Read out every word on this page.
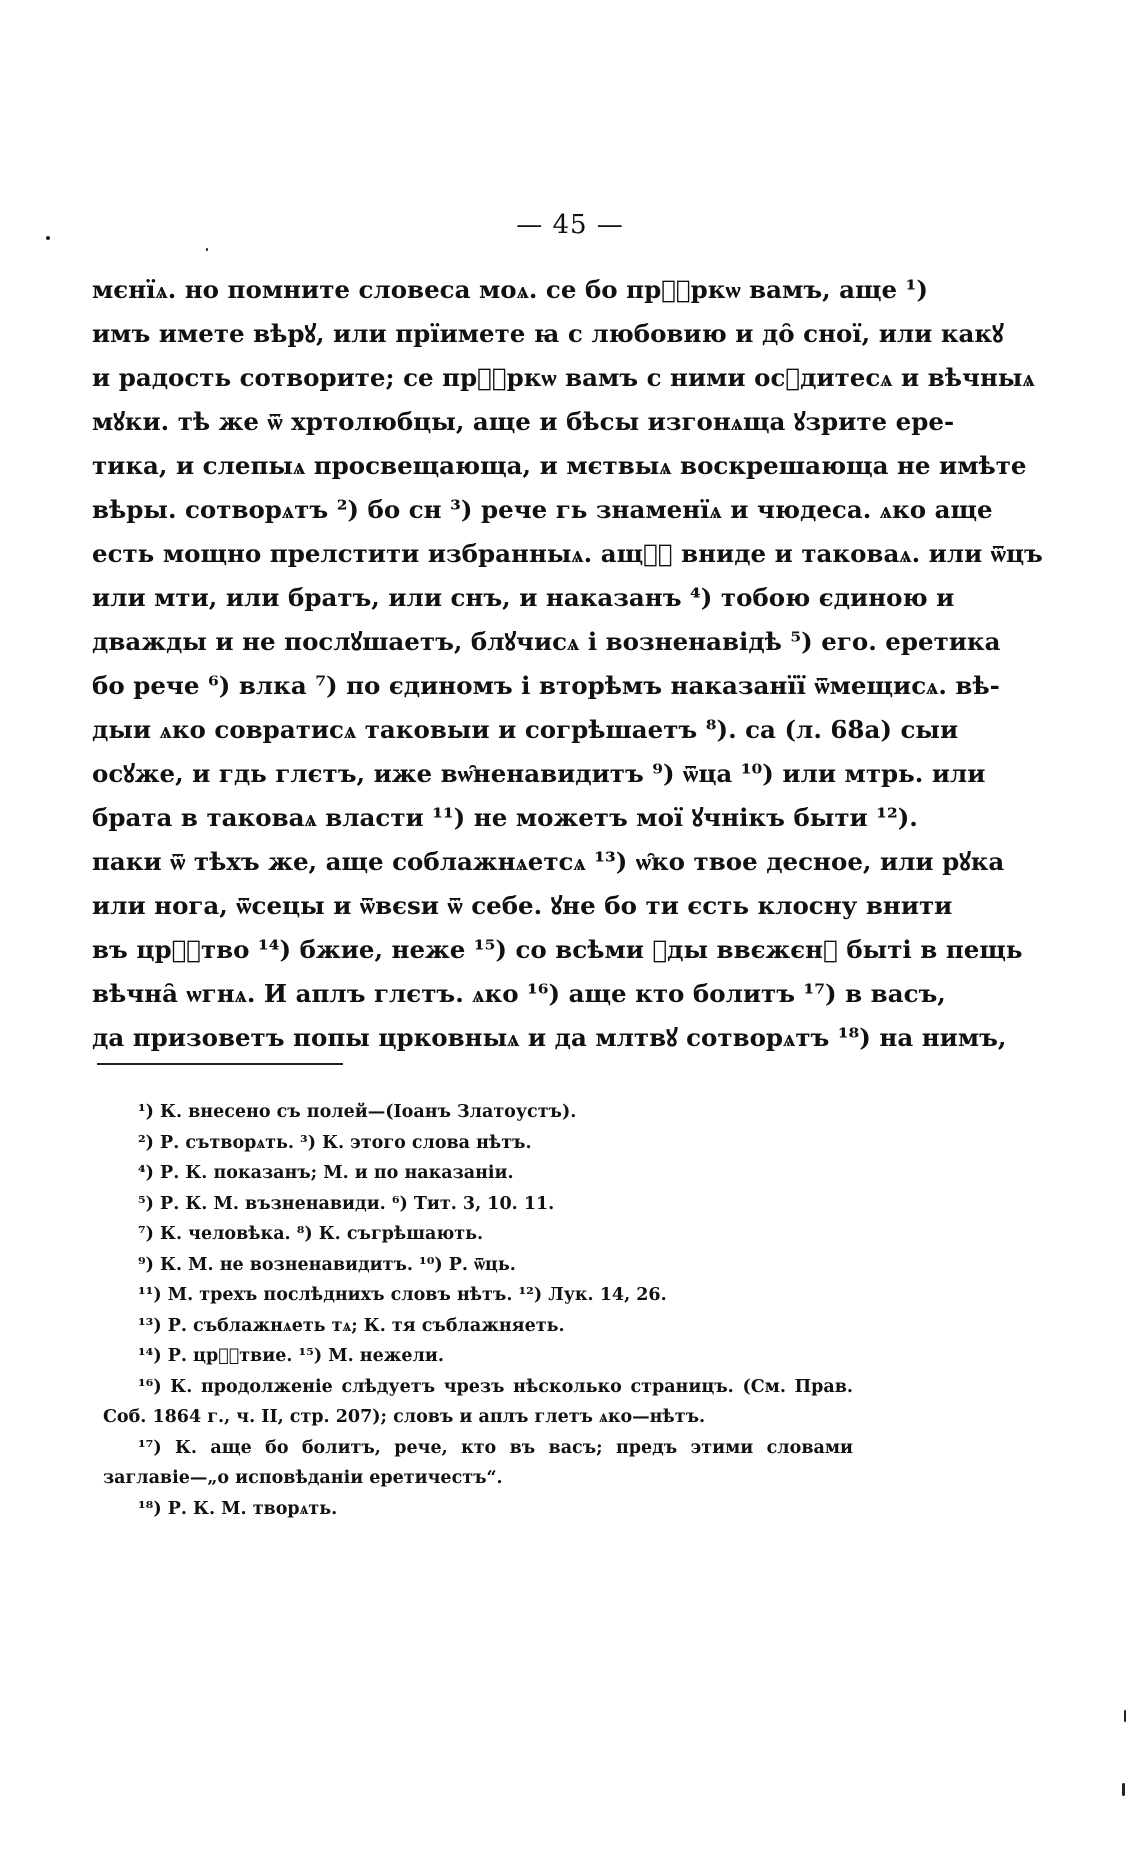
— 45 —
мєнїѧ. но помните словеса моѧ. се бо прⷪ҇ркѡ вамъ, аще ¹)
имъ имете вѣрꙋ, или прїимете ꙗ с любовию и до̑ сної, или какꙋ
и радость сотворите; се прⷪ҇ркѡ вамъ с ними осꙋдитесѧ и вѣчныѧ
мꙋки. тѣ же ѿ хртолюбцы, аще и бѣсы изгонѧща ꙋзрите ере-
тика, и слепыѧ просвещающа, и мєтвыѧ воскрешающа не имѣте
вѣры. сотворѧтъ ²) бо сн ³) рече гь знаменїѧ и чюдеса. ѧко аще
есть мощно прелстити избранныѧ. ащⷷ҇ вниде и таковаѧ. или ѿцъ
или мти, или братъ, или снъ, и наказанъ ⁴) тобою єдиною и
дважды и не послꙋшаетъ, блꙋчисѧ і возненавідѣ ⁵) его. еретика
бо рече ⁶) влка ⁷) по єдиномъ і вторѣмъ наказанїї ѿмещисѧ. вѣ-
дыи ѧко совратисѧ таковыи и согрѣшаетъ ⁸). са (л. 68а) сыи
осꙋже, и гдь глєтъ, иже вѡ̑ненавидитъ ⁹) ѿца ¹⁰) или мтрь. или
брата в таковаѧ власти ¹¹) не можетъ мої ꙋчнікъ быти ¹²).
паки ѿ тѣхъ же, аще соблажнѧетсѧ ¹³) ѡ̑ко твое десное, или рꙋка
или нога, ѿсецы и ѿвєsи ѿ себе. ꙋне бо ти єсть клосну внити
въ црⷭ҇тво ¹⁴) бжие, неже ¹⁵) со всѣми ꙋды ввєжєнꙋ быті в пещь
вѣчна̑ ѡгнѧ. И аплъ глєтъ. ѧко ¹⁶) аще кто болитъ ¹⁷) в васъ,
да призоветъ попы црковныѧ и да млтвꙋ сотворѧтъ ¹⁸) на нимъ,
¹) К. внесено съ полей—(Іоанъ Златоустъ).
²) Р. сътворѧть. ³) К. этого слова нѣтъ.
⁴) Р. К. показанъ; М. и по наказаніи.
⁵) Р. К. М. възненавиди. ⁶) Тит. 3, 10. 11.
⁷) К. человѣка. ⁸) К. съгрѣшають.
⁹) К. М. не возненавидитъ. ¹⁰) Р. ѿць.
¹¹) М. трехъ послѣднихъ словъ нѣтъ. ¹²) Лук. 14, 26.
¹³) Р. съблажнѧеть тѧ; К. тя съблажняеть.
¹⁴) Р. црⷭ҇твие. ¹⁵) М. нежели.
¹⁶) К. продолженіе слѣдуетъ чрезъ нѣсколько страницъ. (См. Прав.
Соб. 1864 г., ч. II, стр. 207); словъ и аплъ глетъ ѧко—нѣтъ.
¹⁷) К. аще бо болитъ, рече, кто въ васъ; предъ этими словами
заглавіе—„о исповѣданіи еретичестъ“.
¹⁸) Р. К. М. творѧть.
